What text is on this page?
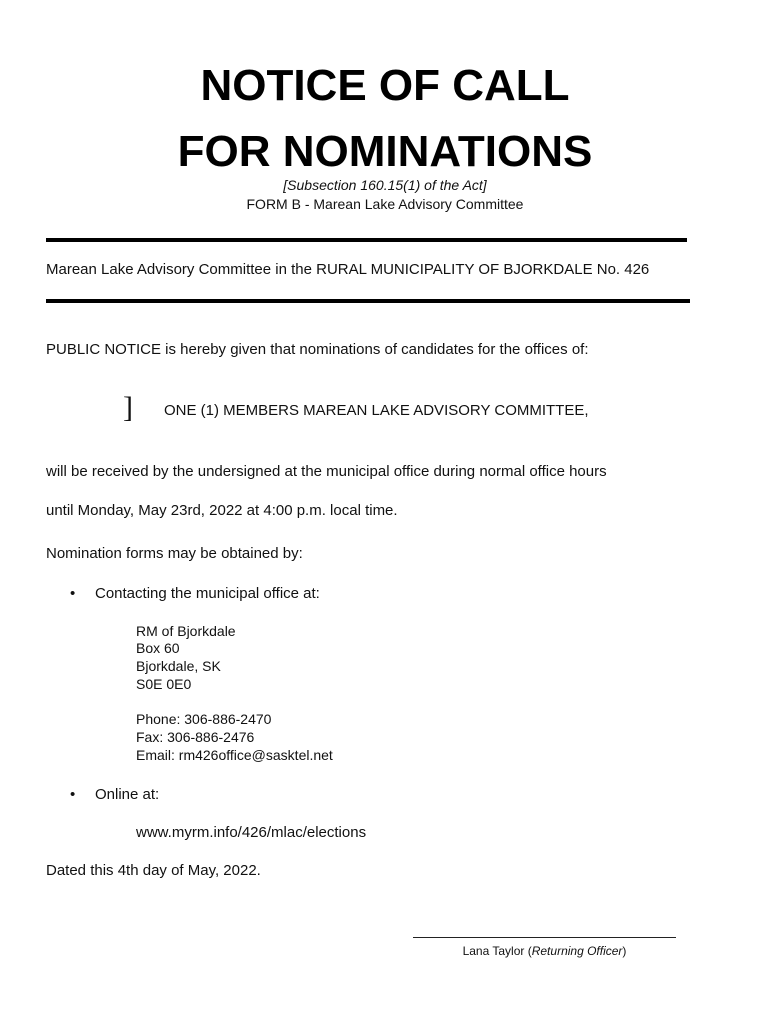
NOTICE OF CALL
FOR NOMINATIONS
[Subsection 160.15(1) of the Act]
FORM B - Marean Lake Advisory Committee
Marean Lake Advisory Committee in the RURAL MUNICIPALITY OF BJORKDALE No. 426
PUBLIC NOTICE is hereby given that nominations of candidates for the offices of:
] ONE (1) MEMBERS MAREAN LAKE ADVISORY COMMITTEE,
will be received by the undersigned at the municipal office during normal office hours
until Monday, May 23rd, 2022 at 4:00 p.m. local time.
Nomination forms may be obtained by:
• Contacting the municipal office at:
RM of Bjorkdale
Box 60
Bjorkdale, SK
S0E 0E0
Phone: 306-886-2470
Fax: 306-886-2476
Email: rm426office@sasktel.net
• Online at:
www.myrm.info/426/mlac/elections
Dated this 4th day of May, 2022.
Lana Taylor (Returning Officer)
